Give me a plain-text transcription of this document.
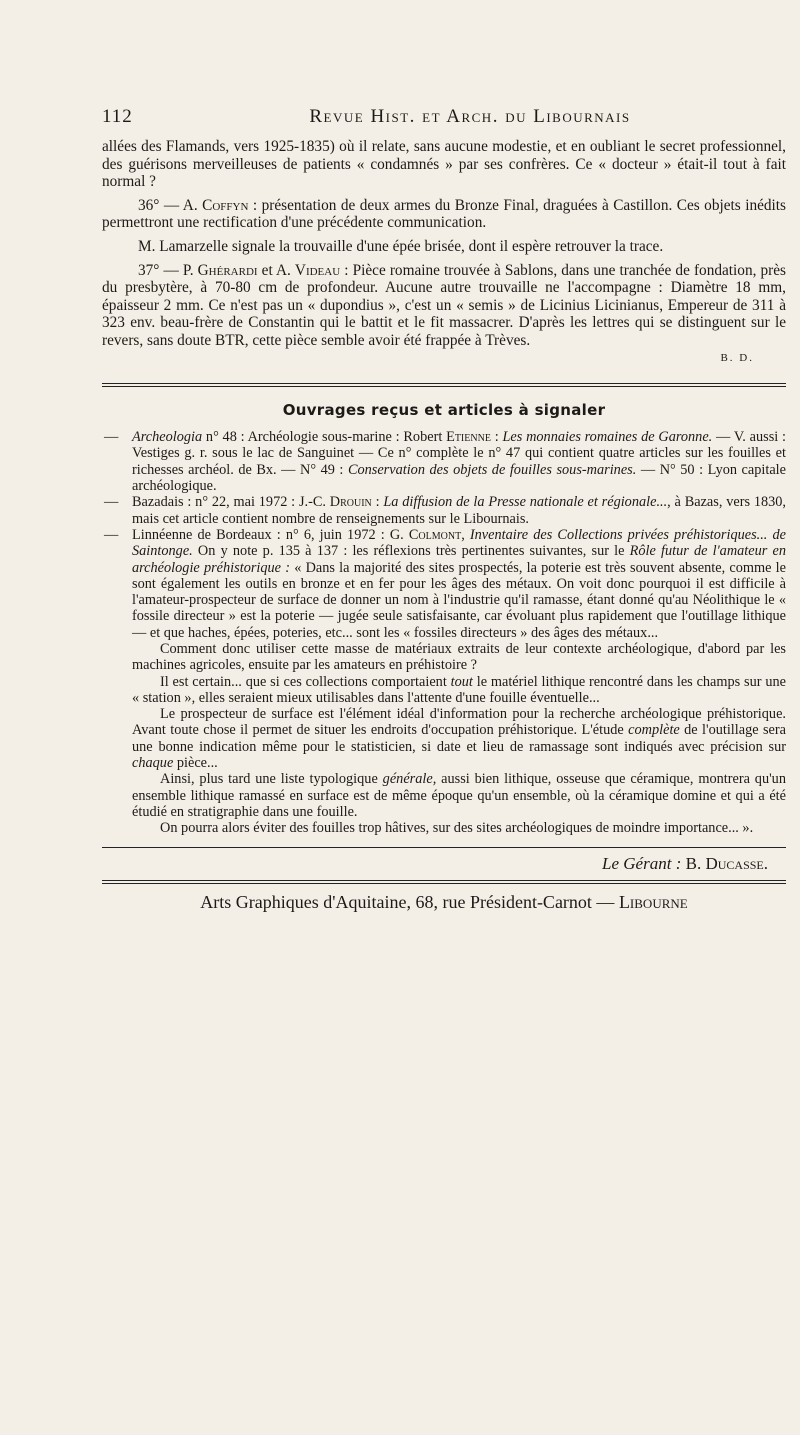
112	Revue Hist. et Arch. du Libournais

allées des Flamands, vers 1925-1835) où il relate, sans aucune modestie, et en oubliant le secret professionnel, des guérisons merveilleuses de patients « condamnés » par ses confrères. Ce « docteur » était-il tout à fait normal ?

36° — A. Coffyn : présentation de deux armes du Bronze Final, draguées à Castillon. Ces objets inédits permettront une rectification d'une précédente communication.

M. Lamarzelle signale la trouvaille d'une épée brisée, dont il espère retrouver la trace.

37° — P. Ghérardi et A. Videau : Pièce romaine trouvée à Sablons, dans une tranchée de fondation, près du presbytère, à 70-80 cm de profondeur. Aucune autre trouvaille ne l'accompagne : Diamètre 18 mm, épaisseur 2 mm. Ce n'est pas un « dupondius », c'est un « semis » de Licinius Licinianus, Empereur de 311 à 323 env. beau-frère de Constantin qui le battit et le fit massacrer. D'après les lettres qui se distinguent sur le revers, sans doute BTR, cette pièce semble avoir été frappée à Trèves.

B. D.

Ouvrages reçus et articles à signaler

— Archeologia n° 48 : Archéologie sous-marine : Robert Etienne : Les monnaies romaines de Garonne. — V. aussi : Vestiges g. r. sous le lac de Sanguinet — Ce n° complète le n° 47 qui contient quatre articles sur les fouilles et richesses archéol. de Bx. — N° 49 : Conservation des objets de fouilles sous-marines. — N° 50 : Lyon capitale archéologique.

— Bazadais : n° 22, mai 1972 : J.-C. Drouin : La diffusion de la Presse nationale et régionale..., à Bazas, vers 1830, mais cet article contient nombre de renseignements sur le Libournais.

— Linnéenne de Bordeaux : n° 6, juin 1972 : G. Colmont, Inventaire des Collections privées préhistoriques... de Saintonge. On y note p. 135 à 137 : les réflexions très pertinentes suivantes, sur le Rôle futur de l'amateur en archéologie préhistorique : « Dans la majorité des sites prospectés, la poterie est très souvent absente, comme le sont également les outils en bronze et en fer pour les âges des métaux. On voit donc pourquoi il est difficile à l'amateur-prospecteur de surface de donner un nom à l'industrie qu'il ramasse, étant donné qu'au Néolithique le « fossile directeur » est la poterie — jugée seule satisfaisante, car évoluant plus rapidement que l'outillage lithique — et que haches, épées, poteries, etc... sont les « fossiles directeurs » des âges des métaux...

Comment donc utiliser cette masse de matériaux extraits de leur contexte archéologique, d'abord par les machines agricoles, ensuite par les amateurs en préhistoire ?

Il est certain... que si ces collections comportaient tout le matériel lithique rencontré dans les champs sur une « station », elles seraient mieux utilisables dans l'attente d'une fouille éventuelle...

Le prospecteur de surface est l'élément idéal d'information pour la recherche archéologique préhistorique. Avant toute chose il permet de situer les endroits d'occupation préhistorique. L'étude complète de l'outillage sera une bonne indication même pour le statisticien, si date et lieu de ramassage sont indiqués avec précision sur chaque pièce...

Ainsi, plus tard une liste typologique générale, aussi bien lithique, osseuse que céramique, montrera qu'un ensemble lithique ramassé en surface est de même époque qu'un ensemble, où la céramique domine et qui a été étudié en stratigraphie dans une fouille.

On pourra alors éviter des fouilles trop hâtives, sur des sites archéologiques de moindre importance... ».

Le Gérant : B. Ducasse.

Arts Graphiques d'Aquitaine, 68, rue Président-Carnot — Libourne
